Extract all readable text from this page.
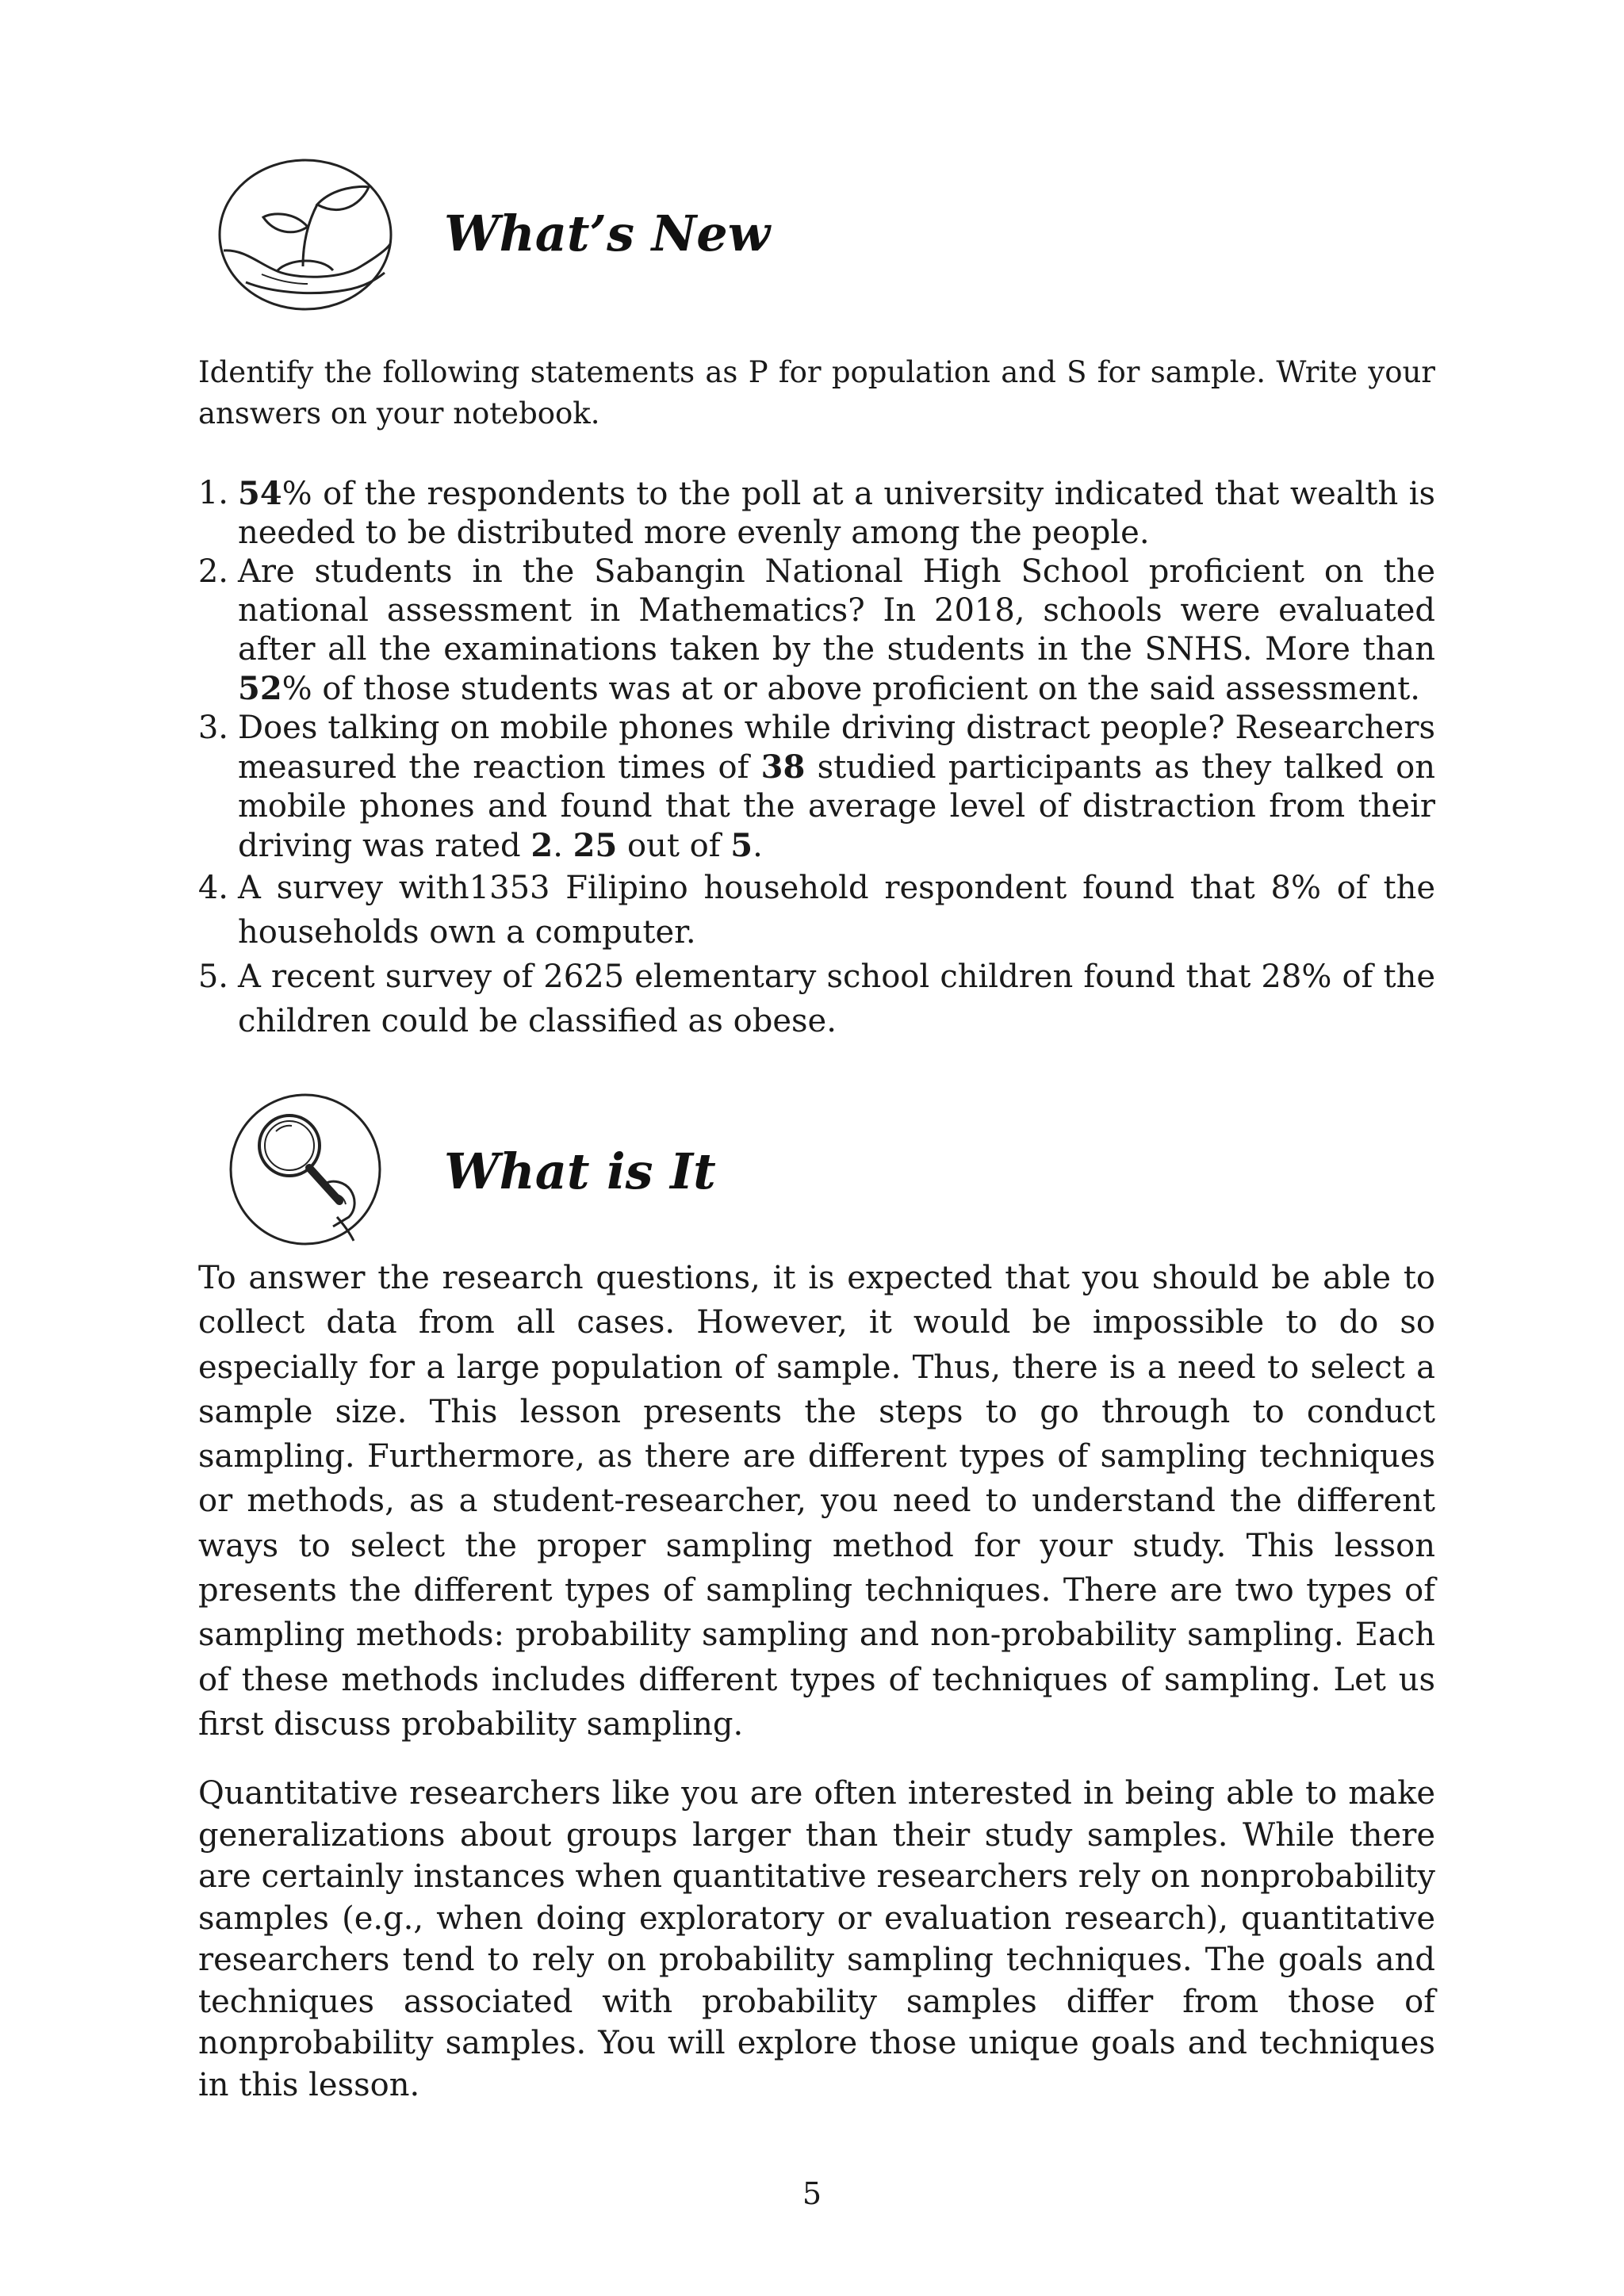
What’s New

Identify the following statements as P for population and S for sample. Write your answers on your notebook.

1. 54% of the respondents to the poll at a university indicated that wealth is needed to be distributed more evenly among the people.
2. Are students in the Sabangin National High School proficient on the national assessment in Mathematics? In 2018, schools were evaluated after all the examinations taken by the students in the SNHS. More than 52% of those students was at or above proficient on the said assessment.
3. Does talking on mobile phones while driving distract people? Researchers measured the reaction times of 38 studied participants as they talked on mobile phones and found that the average level of distraction from their driving was rated 2. 25 out of 5.
4. A survey with1353 Filipino household respondent found that 8% of the households own a computer.
5. A recent survey of 2625 elementary school children found that 28% of the children could be classified as obese.
What is It

To answer the research questions, it is expected that you should be able to collect data from all cases. However, it would be impossible to do so especially for a large population of sample. Thus, there is a need to select a sample size. This lesson presents the steps to go through to conduct sampling. Furthermore, as there are different types of sampling techniques or methods, as a student-researcher, you need to understand the different ways to select the proper sampling method for your study. This lesson presents the different types of sampling techniques. There are two types of sampling methods: probability sampling and non-probability sampling. Each of these methods includes different types of techniques of sampling. Let us first discuss probability sampling.

Quantitative researchers like you are often interested in being able to make generalizations about groups larger than their study samples. While there are certainly instances when quantitative researchers rely on nonprobability samples (e.g., when doing exploratory or evaluation research), quantitative researchers tend to rely on probability sampling techniques. The goals and techniques associated with probability samples differ from those of nonprobability samples. You will explore those unique goals and techniques in this lesson.

5
